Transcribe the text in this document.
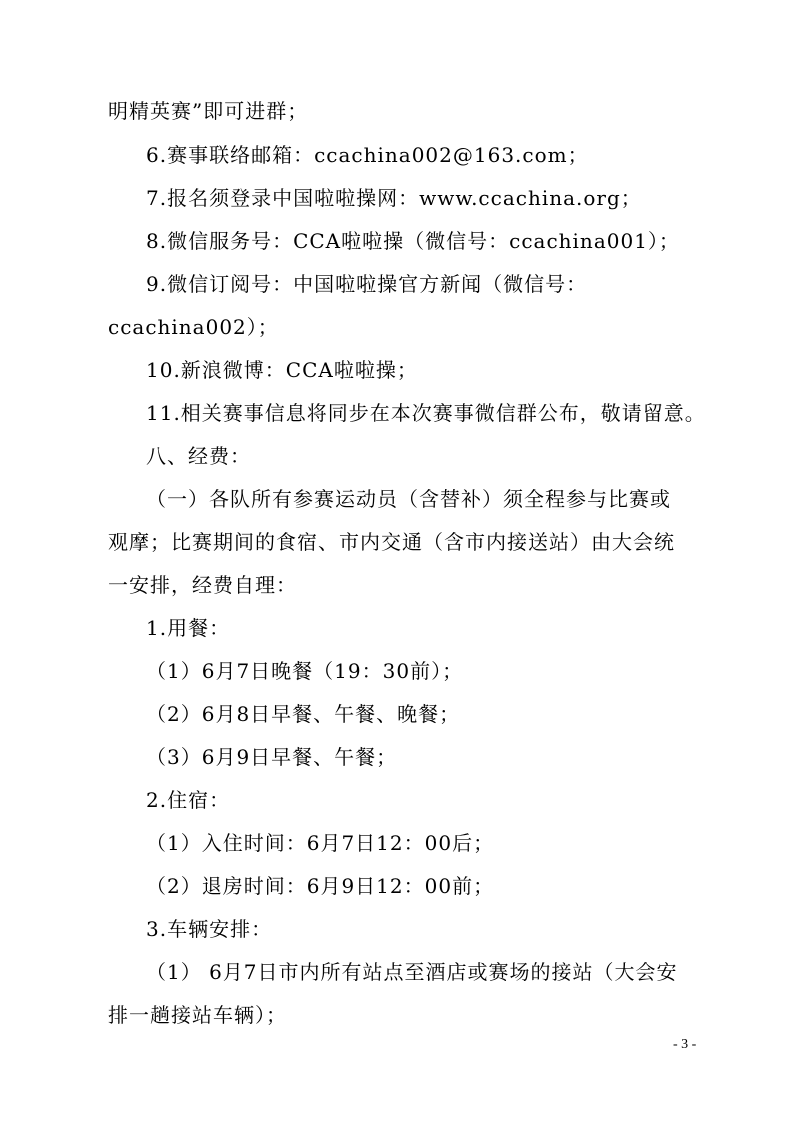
明精英赛”即可进群；
6.赛事联络邮箱：ccachina002@163.com；
7.报名须登录中国啦啦操网：www.ccachina.org；
8.微信服务号：CCA啦啦操（微信号：ccachina001）；
9.微信订阅号：中国啦啦操官方新闻（微信号：
ccachina002）；
10.新浪微博：CCA啦啦操；
11.相关赛事信息将同步在本次赛事微信群公布，敬请留意。
八、经费：
（一）各队所有参赛运动员（含替补）须全程参与比赛或
观摩；比赛期间的食宿、市内交通（含市内接送站）由大会统
一安排，经费自理：
1.用餐：
（1）6月7日晚餐（19：30前）；
（2）6月8日早餐、午餐、晚餐；
（3）6月9日早餐、午餐；
2.住宿：
（1）入住时间：6月7日12：00后；
（2）退房时间：6月9日12：00前；
3.车辆安排：
（1） 6月7日市内所有站点至酒店或赛场的接站（大会安
排一趟接站车辆）；
- 3 -
